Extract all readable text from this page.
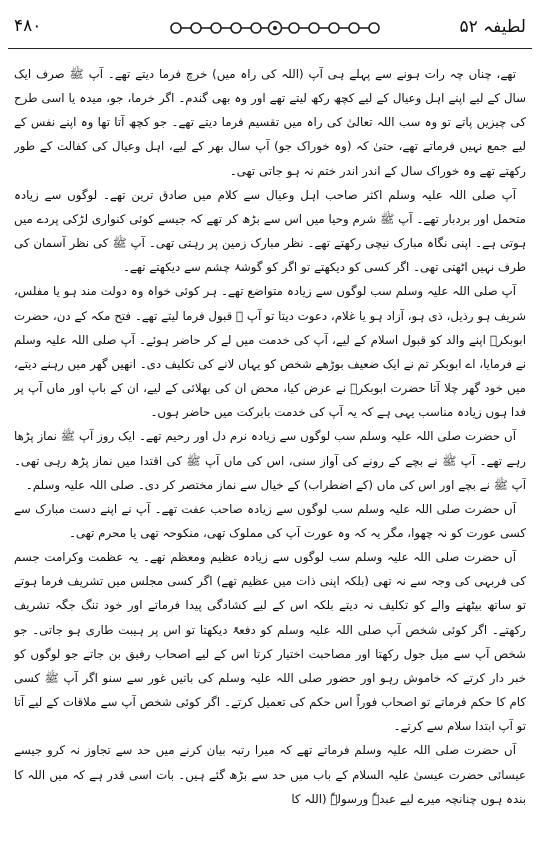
۴۸۰	لطیفہ ۵۲

تھے، چناں چہ رات ہونے سے پہلے ہی آپ (اللہ کی راہ میں) خرچ فرما دیتے تھے۔ آپ ﷺ صرف ایک سال کے لیے اپنے اہل وعیال کے لیے کچھ رکھ لیتے تھے اور وہ بھی گندم۔ اگر خرما، جو، میدہ یا اسی طرح کی چیزیں پاتے تو وہ سب اللہ تعالیٰ کی راہ میں تقسیم فرما دیتے تھے۔ جو کچھ آتا تھا وہ اپنے نفس کے لیے جمع نہیں فرماتے تھے، حتیٰ کہ (وہ خوراک جو) آپ سال بھر کے لیے، اہل وعیال کی کفالت کے طور رکھتے تھے وہ خوراک سال کے اندر اندر ختم نہ ہو جاتی تھی۔

آپ صلی اللہ علیہ وسلم اکثر صاحب اہل وعیال سے کلام میں صادق ترین تھے۔ لوگوں سے زیادہ متحمل اور بردبار تھے۔ آپ ﷺ شرم وحیا میں اس سے بڑھ کر تھے کہ جیسے کوئی کنواری لڑکی پردے میں ہوتی ہے۔ اپنی نگاہ مبارک نیچی رکھتے تھے۔ نظر مبارک زمین پر رہتی تھی۔ آپ ﷺ کی نظر آسمان کی طرف نہیں اٹھتی تھی۔ اگر کسی کو دیکھتے تو اگر کو گوشۂ چشم سے دیکھتے تھے۔

آپ صلی اللہ علیہ وسلم سب لوگوں سے زیادہ متواضع تھے۔ ہر کوئی خواہ وہ دولت مند ہو یا مفلس، شریف ہو رذیل، ذی ہو، آزاد ہو یا غلام، دعوت دیتا تو آپ ﷺ قبول فرما لیتے تھے۔ فتح مکہ کے دن، حضرت ابوبکرؓ اپنے والد کو قبول اسلام کے لیے، آپ کی خدمت میں لے کر حاضر ہوئے۔ آپ صلی اللہ علیہ وسلم نے فرمایا، اے ابوبکر تم نے ایک ضعیف بوڑھے شخص کو یہاں لانے کی تکلیف دی۔ انھیں گھر میں رہنے دیتے، میں خود گھر چلا آتا حضرت ابوبکرؓ نے عرض کیا، محض ان کی بھلائی کے لیے، ان کے باپ اور ماں آپ پر فدا ہوں زیادہ مناسب یہی ہے کہ یہ آپ کی خدمت بابرکت میں حاضر ہوں۔

آں حضرت صلی اللہ علیہ وسلم سب لوگوں سے زیادہ نرم دل اور رحیم تھے۔ ایک روز آپ ﷺ نماز پڑھا رہے تھے۔ آپ ﷺ نے بچے کے رونے کی آواز سنی، اس کی ماں آپ ﷺ کی اقتدا میں نماز پڑھ رہی تھی۔ آپ ﷺ نے بچے اور اس کی ماں (کے اضطراب) کے خیال سے نماز مختصر کر دی۔ صلی اللہ علیہ وسلم۔

آں حضرت صلی اللہ علیہ وسلم سب لوگوں سے زیادہ صاحب عفت تھے۔ آپ نے اپنے دست مبارک سے کسی عورت کو نہ چھوا، مگر یہ کہ وہ عورت آپ کی مملوک تھی، منکوحہ تھی یا محرم تھی۔

آں حضرت صلی اللہ علیہ وسلم سب لوگوں سے زیادہ عظیم ومعظم تھے۔ یہ عظمت وکرامت جسم کی فربہی کی وجہ سے نہ تھی (بلکہ اپنی ذات میں عظیم تھے) اگر کسی مجلس میں تشریف فرما ہوتے تو ساتھ بیٹھنے والے کو تکلیف نہ دیتے بلکہ اس کے لیے کشادگی پیدا فرماتے اور خود تنگ جگہ تشریف رکھتے۔ اگر کوئی شخص آپ صلی اللہ علیہ وسلم کو دفعۃً دیکھتا تو اس پر ہیبت طاری ہو جاتی۔ جو شخص آپ سے میل جول رکھتا اور مصاحبت اختیار کرتا اس کے لیے اصحاب رفیق بن جاتے جو لوگوں کو خبر دار کرتے کہ خاموش رہو اور حضور صلی اللہ علیہ وسلم کی باتیں غور سے سنو اگر آپ ﷺ کسی کام کا حکم فرماتے تو اصحاب فوراً اس حکم کی تعمیل کرتے۔ اگر کوئی شخص آپ سے ملاقات کے لیے آتا تو آپ ابتدا سلام سے کرتے۔

آں حضرت صلی اللہ علیہ وسلم فرماتے تھے کہ میرا رتبہ بیان کرنے میں حد سے تجاوز نہ کرو جیسے عیسائی حضرت عیسیٰ علیہ السلام کے باب میں حد سے بڑھ گئے ہیں۔ بات اسی قدر ہے کہ میں اللہ کا بندہ ہوں چنانچہ میرے لیے عبدہٗ ورسولہٗ (اللہ کا
